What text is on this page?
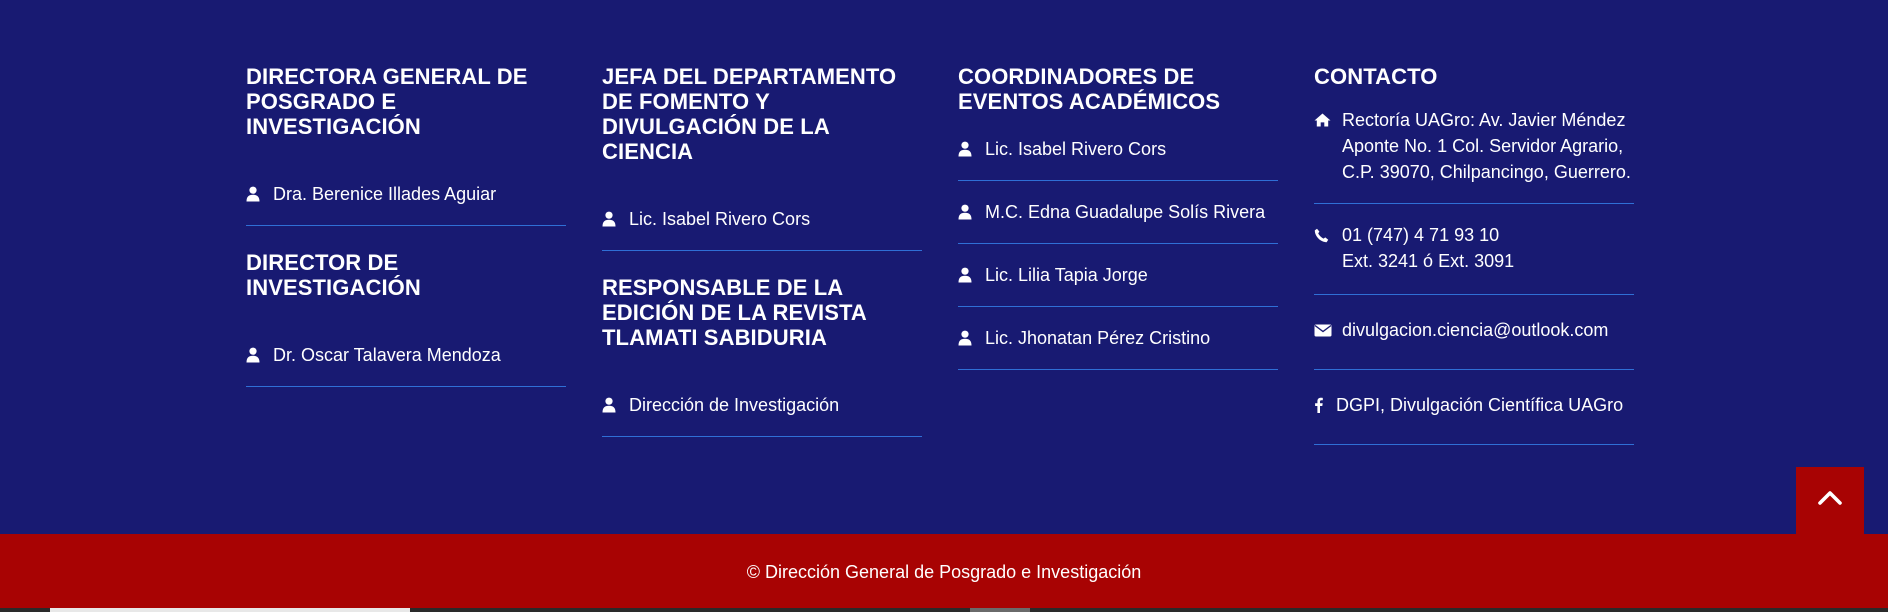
DIRECTORA GENERAL DE POSGRADO E INVESTIGACIÓN
Dra. Berenice Illades Aguiar
DIRECTOR DE INVESTIGACIÓN
Dr. Oscar Talavera Mendoza
JEFA DEL DEPARTAMENTO DE FOMENTO Y DIVULGACIÓN DE LA CIENCIA
Lic. Isabel Rivero Cors
RESPONSABLE DE LA EDICIÓN DE LA REVISTA TLAMATI SABIDURIA
Dirección de Investigación
COORDINADORES DE EVENTOS ACADÉMICOS
Lic. Isabel Rivero Cors
M.C. Edna Guadalupe Solís Rivera
Lic. Lilia Tapia Jorge
Lic. Jhonatan Pérez Cristino
CONTACTO
Rectoría UAGro: Av. Javier Méndez
Aponte No. 1 Col. Servidor Agrario,
C.P. 39070, Chilpancingo, Guerrero.
01 (747) 4 71 93 10
Ext. 3241 ó Ext. 3091
divulgacion.ciencia@outlook.com
DGPI, Divulgación Científica UAGro
© Dirección General de Posgrado e Investigación
